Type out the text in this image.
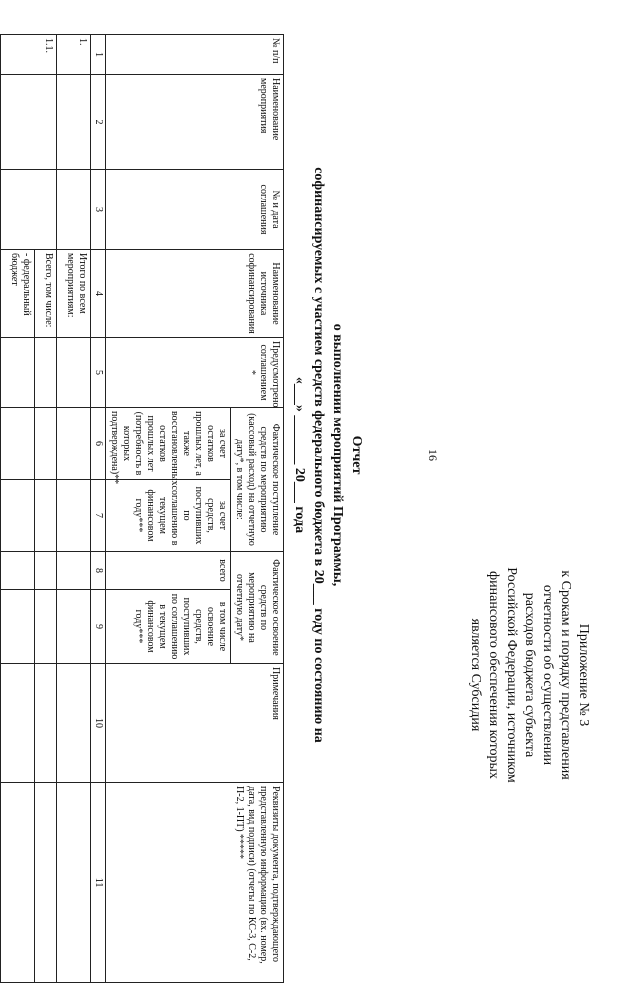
16
Приложение № 3
к Срокам и порядку представления
отчетности об осуществлении
расходов бюджета субъекта
Российской Федерации, источником
финансового обеспечения которых
является Субсидия
Отчет
о выполнении мероприятий Программы,
софинансируемых с участием средств федерального бюджета в 20___ году по состоянию на
«___» _______ 20___ года
№ п/п	Наименование мероприятия	№ и дата соглашения	Наименование источника софинансирования	Предусмотрено соглашением *	Фактическое поступление средств по мероприятию (кассовый расход) на отчетную дату*, в том числе:		Фактическое освоение средств по мероприятию на отчетную дату*		Примечания	Реквизиты документа, подтверждающего представленную информацию (вх. номер, дата, вид подписи) (отчеты по КС-3, С-2, П-2, 1-ПТ) *****
					за счет остатков прошлых лет, а также восстановленных остатков прошлых лет (потребность в которых подтверждена)**	за счет средств, поступивших по соглашению в текущем финансовом году***	всего	в том числе освоение средств, поступивших по соглашению в текущем финансовом году***		
1	2	3	4	5	6	7	8	9	10	11
1.			Итого по всем мероприятиям:							
1.1.			Всего, том числе:							
			- федеральный бюджет							
